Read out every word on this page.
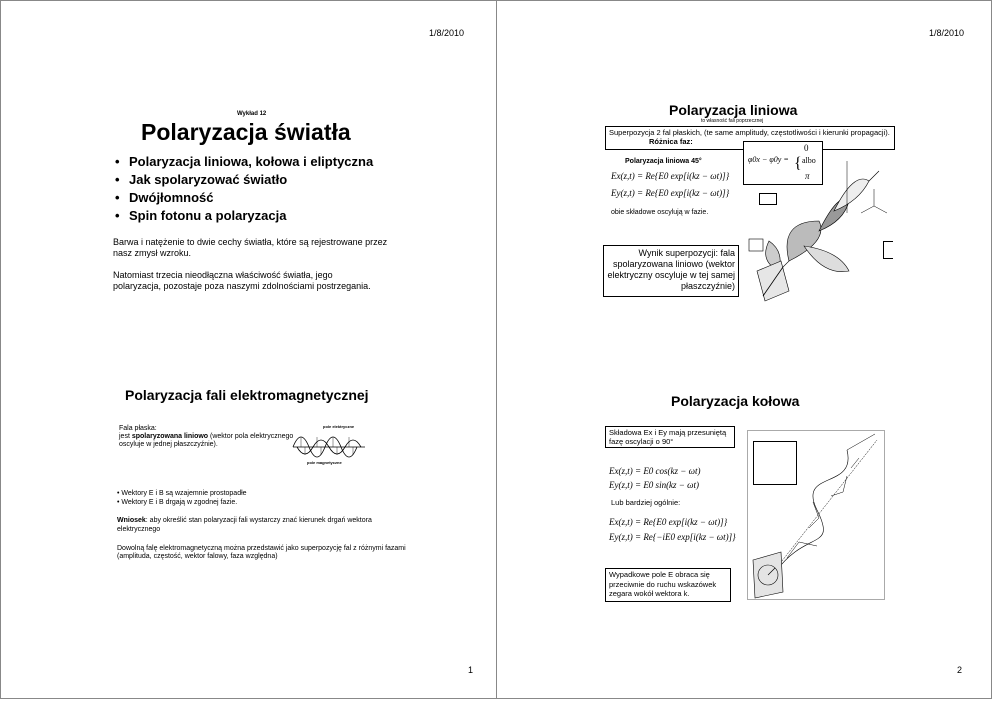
1/8/2010
Wykład 12
Polaryzacja światła
• Polaryzacja liniowa, kołowa i eliptyczna
• Jak spolaryzować światło
• Dwójłomność
• Spin fotonu a polaryzacja
Barwa i natężenie to dwie cechy światła, które są rejestrowane przez nasz zmysł wzroku.
Natomiast trzecia nieodłączna właściwość światła, jego polaryzacja, pozostaje poza naszymi zdolnościami postrzegania.
Polaryzacja fali elektromagnetycznej
Fala płaska:
jest spolaryzowana liniowo (wektor pola elektrycznego oscyluje w jednej płaszczyźnie).
pole elektryczne
pole magnetyczne
• Wektory E i B są wzajemnie prostopadłe
• Wektory E i B drgają w zgodnej fazie.
Wniosek: aby określić stan polaryzacji fali wystarczy znać kierunek drgań wektora elektrycznego
Dowolną falę elektromagnetyczną można przedstawić jako superpozycję fal z różnymi fazami (amplituda, częstość, wektor falowy, faza względna)
1
1/8/2010
Polaryzacja liniowa
to własność fali poprzecznej
Superpozycja 2 fal płaskich, (te same amplitudy, częstotliwości i kierunki propagacji). Różnica faz:
Polaryzacja liniowa 45°
Ex(z,t) = Re{E0 exp[i(kz − ωt)]}
Ey(z,t) = Re{E0 exp[i(kz − ωt)]}
φ0x − φ0y = {
0
albo
π
obie składowe oscylują w fazie.
Wynik superpozycji: fala spolaryzowana liniowo (wektor elektryczny oscyluje w tej samej płaszczyźnie)
Polaryzacja kołowa
Składowa Ex i Ey mają przesuniętą fazę oscylacji o 90°
Ex(z,t) = E0 cos(kz − ωt)
Ey(z,t) = E0 sin(kz − ωt)
Lub bardziej ogólnie:
Ex(z,t) = Re{E0 exp[i(kz − ωt)]}
Ey(z,t) = Re{−iE0 exp[i(kz − ωt)]}
Wypadkowe pole E obraca się przeciwnie do ruchu wskazówek zegara wokół wektora k.
2
